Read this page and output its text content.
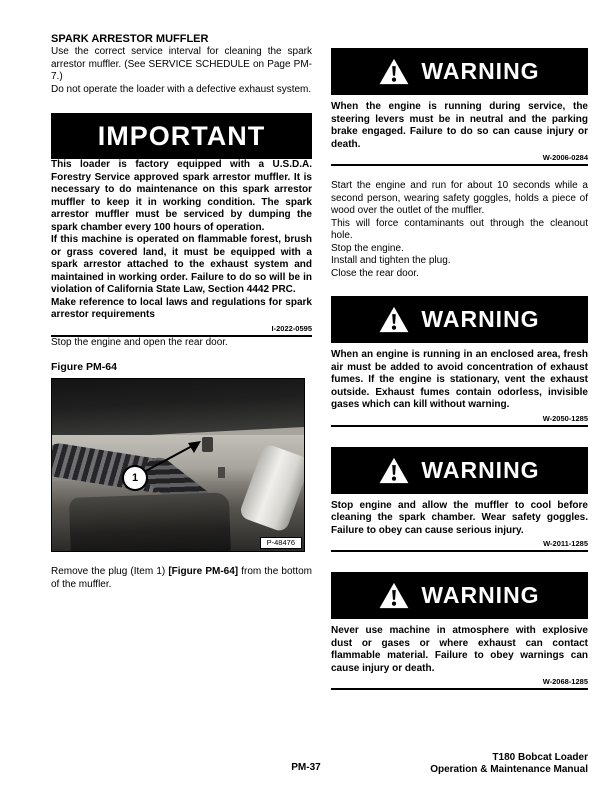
SPARK ARRESTOR MUFFLER

Use the correct service interval for cleaning the spark arrestor muffler. (See SERVICE SCHEDULE on Page PM-7.)

Do not operate the loader with a defective exhaust system.

IMPORTANT

This loader is factory equipped with a U.S.D.A. Forestry Service approved spark arrestor muffler. It is necessary to do maintenance on this spark arrestor muffler to keep it in working condition. The spark arrestor muffler must be serviced by dumping the spark chamber every 100 hours of operation.

If this machine is operated on flammable forest, brush or grass covered land, it must be equipped with a spark arrestor attached to the exhaust system and maintained in working order. Failure to do so will be in violation of California State Law, Section 4442 PRC.

Make reference to local laws and regulations for spark arrestor requirements

I-2022-0595

Stop the engine and open the rear door.

Figure PM-64

1
P-48476

Remove the plug (Item 1) [Figure PM-64] from the bottom of the muffler.

WARNING

When the engine is running during service, the steering levers must be in neutral and the parking brake engaged. Failure to do so can cause injury or death.

W-2006-0284

Start the engine and run for about 10 seconds while a second person, wearing safety goggles, holds a piece of wood over the outlet of the muffler.

This will force contaminants out through the cleanout hole.

Stop the engine.

Install and tighten the plug.

Close the rear door.

WARNING

When an engine is running in an enclosed area, fresh air must be added to avoid concentration of exhaust fumes. If the engine is stationary, vent the exhaust outside. Exhaust fumes contain odorless, invisible gases which can kill without warning.

W-2050-1285

WARNING

Stop engine and allow the muffler to cool before cleaning the spark chamber. Wear safety goggles. Failure to obey can cause serious injury.

W-2011-1285

WARNING

Never use machine in atmosphere with explosive dust or gases or where exhaust can contact flammable material. Failure to obey warnings can cause injury or death.

W-2068-1285

PM-37
T180 Bobcat Loader
Operation & Maintenance Manual
